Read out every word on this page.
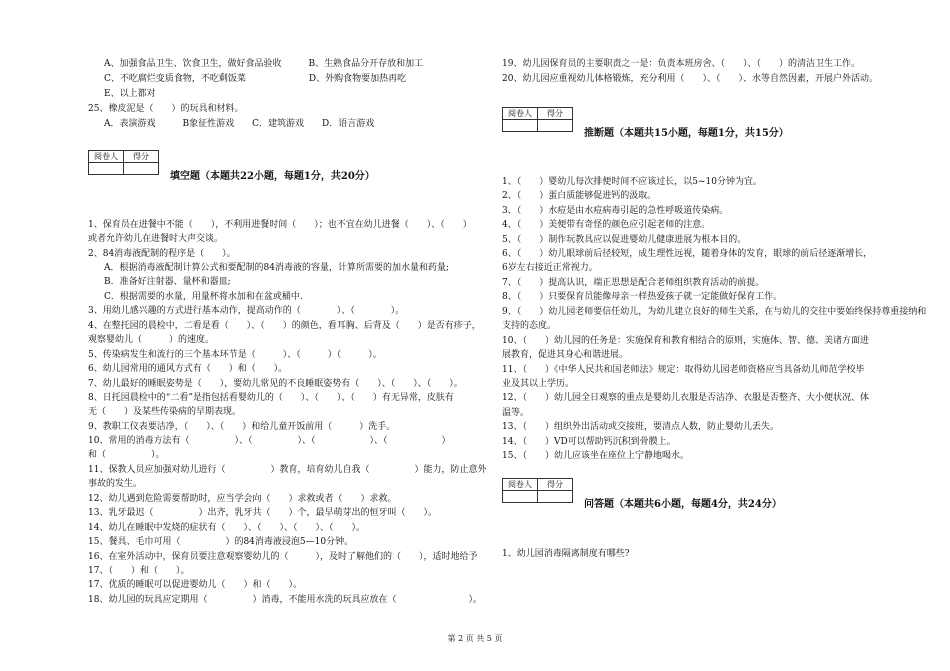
A、加强食品卫生、饮食卫生，做好食品验收　　　B、生熟食品分开存放和加工
C、不吃腐烂变质食物，不吃剩饭菜　　　　　　　D、外购食物要加热再吃
E、以上都对
25、橡皮泥是（　　）的玩具和材料。
A．表演游戏　　　B象征性游戏　　C．建筑游戏　　D．语言游戏
阅卷人	得分

填空题（本题共22小题，每题1分，共20分）
1、保育员在进餐中不能（　　），不利用进餐时间（　　）；也不宜在幼儿进餐（　　）、（　　）
或者允许幼儿在进餐时大声交谈。
2、84消毒液配制的程序是（　　）。
A．根据消毒液配制计算公式和要配制的84消毒液的容量，计算所需要的加水量和药量;
B．准备好注射器、量杯和器皿;
C．根据需要的水量，用量杯将水加和在盆或桶中.
3、用幼儿感兴趣的方式进行基本动作，提高动作的（　　　　）、（　　　　）。
4、在整托园的晨检中，二看是看（　　）、（　　）的颜色，看耳胸、后背及（　　）是否有疹子，
观察婴幼儿（　　　）的速度。
5、传染病发生和流行的三个基本环节是（　　　）、（　　　）（　　　）。
6、幼儿园常用的通风方式有（　　）和（　　）。
7、幼儿最好的睡眠姿势是（　　），要幼儿常见的不良睡眠姿势有（　　）、（　　）、（　　）。
8、日托园晨检中的“二看”是指包括看婴幼儿的（　　）、（　　）、（　　）有无异常，皮肤有
无（　　）及某些传染病的早期表现。
9、教职工仪表要洁净，（　　）、（　　）和给儿童开饭前用（　　　）洗手。
10、常用的消毒方法有（　　　　　）、（　　　　　）、（　　　　　　）、（　　　　　　）
和（　　　　　）。
11、保教人员应加强对幼儿进行（　　　　　）教育，培育幼儿自我（　　　　　）能力，防止意外
事故的发生。
12、幼儿遇到危险需要帮助时，应当学会向（　　）求救或者（　　）求救。
13、乳牙最迟（　　　　　）出齐，乳牙共（　　）个，最早萌芽出的恒牙叫（　　）。
14、幼儿在睡眠中发烧的症状有（　　）、（　　）、（　　）、（　　）。
15、餐具、毛巾可用（　　　　　）的84消毒液浸泡5—10分钟。
16、在室外活动中，保育员要注意观察婴幼儿的（　　　），及时了解他们的（　　），适时地给予
17、（　　）和（　　）。
17、优质的睡眠可以促进婴幼儿（　　）和（　　）。
18、幼儿园的玩具应定期用（　　　　　）消毒，不能用水洗的玩具应放在（　　　　　　　　）。
19、幼儿园保育员的主要职责之一是：负责本班房舍、（　　）、（　　）的清洁卫生工作。
20、幼儿园应重视幼儿体格锻炼，充分利用（　　）、（　　）、水等自然因素，开展户外活动。
阅卷人	得分

推断题（本题共15小题，每题1分，共15分）
1、（　　）婴幼儿每次排便时间不应该过长，以5~10分钟为宜。
2、（　　）蛋白质能够促进钙的汲取。
3、（　　）水痘是由水痘病毒引起的急性呼吸道传染病。
4、（　　）美便带有奇怪的颜色应引起老师的注意。
5、（　　）制作玩教具应以促进婴幼儿健康进展为根本目的。
6、（　　）幼儿眼球前后径较短，成生理性远视，随着身体的发育，眼球的前后径逐渐增长，
6岁左右接近正常视力。
7、（　　）提高认识，端正思想是配合老师组织教育活动的前提。
8、（　　）只要保育员能像母亲一样热爱孩子就一定能做好保育工作。
9、（　　）幼儿园老师要信任幼儿，为幼儿建立良好的师生关系，在与幼儿的交往中要始终保持尊重接纳和
支持的态度。
10、（　　）幼儿园的任务是：实施保育和教育相结合的原则，实施体、智、德、美诸方面进
展教育，促进其身心和谐进展。
11、（　　）《中华人民共和国老师法》规定：取得幼儿园老师资格应当具备幼儿师范学校毕
业及其以上学历。
12、（　　）幼儿园全日观察的重点是婴幼儿衣服是否洁净、衣服是否整齐、大小便状况、体
温等。
13、（　　）组织外出活动或交接班，要清点人数，防止婴幼儿丢失。
14、（　　）VD可以帮助钙沉积到骨膜上。
15、（　　）幼儿应该坐在座位上宁静地喝水。
阅卷人	得分

问答题（本题共6小题，每题4分，共24分）
1、幼儿园消毒隔离制度有哪些?
第 2 页 共 5 页
